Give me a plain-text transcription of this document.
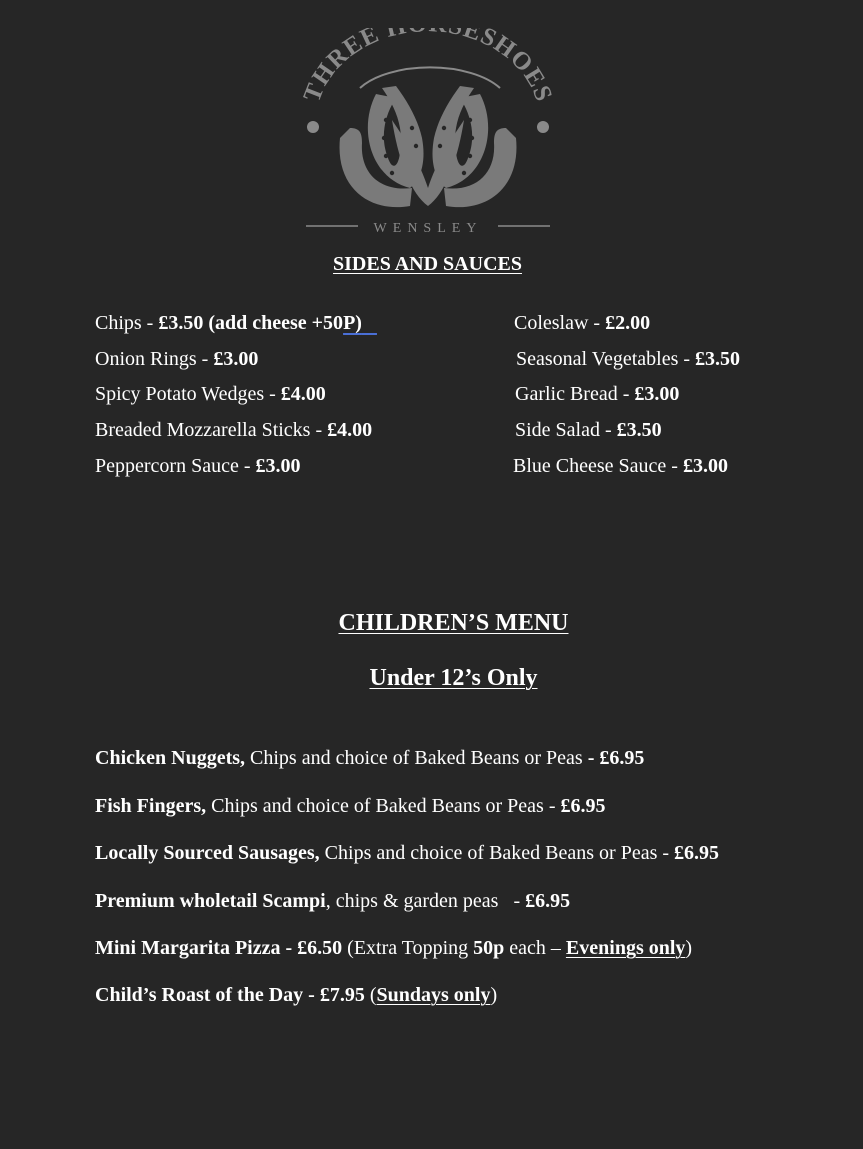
THREE ESHOES
WENSLEY
SIDES AND SAUCES
Chips - £3.50 (add cheese +50P)
Onion Rings - £3.00
Spicy Potato Wedges - £4.00
Breaded Mozzarella Sticks - £4.00
Peppercorn Sauce - £3.00
Coleslaw - £2.00
Seasonal Vegetables - £3.50
Garlic Bread - £3.00
Side Salad - £3.50
Blue Cheese Sauce - £3.00
CHILDREN’S MENU
Under 12’s Only
Chicken Nuggets, Chips and choice of Baked Beans or Peas - £6.95
Fish Fingers, Chips and choice of Baked Beans or Peas - £6.95
Locally Sourced Sausages, Chips and choice of Baked Beans or Peas - £6.95
Premium wholetail Scampi, chips & garden peas   - £6.95
Mini Margarita Pizza - £6.50 (Extra Topping 50p each – Evenings only)
Child’s Roast of the Day - £7.95 (Sundays only)
